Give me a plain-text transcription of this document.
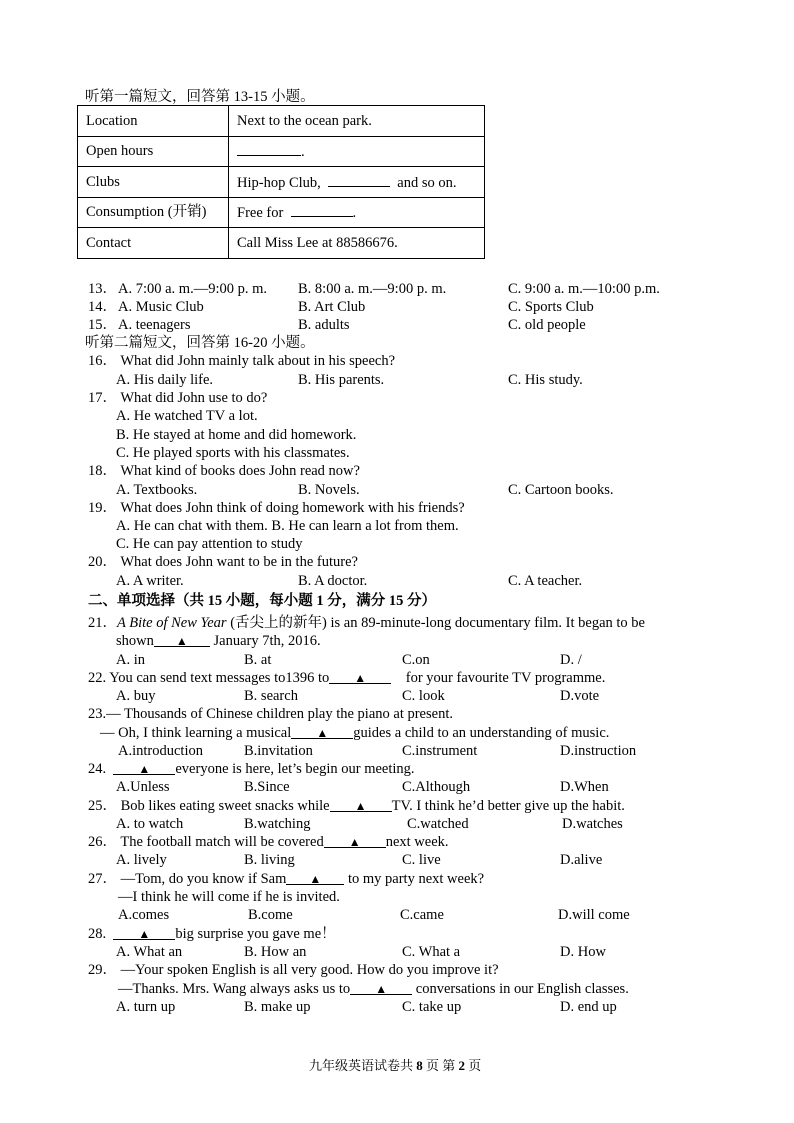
听第一篇短文，回答第 13-15 小题。
Location	Next to the ocean park.
Open hours	.
Clubs	Hip-hop Club, and so on.
Consumption (开销)	Free for .
Contact	Call Miss Lee at 88586676.
13． A. 7:00 a. m.—9:00 p. m. B. 8:00 a. m.—9:00 p. m.	C. 9:00 a. m.—10:00 p.m.
14． A. Music Club	B. Art Club	C. Sports Club
15． A. teenagers	B. adults	C. old people
听第二篇短文，回答第 16-20 小题。
16． What did John mainly talk about in his speech?
A. His daily life.	B. His parents.	C. His study.
17． What did John use to do?
A. He watched TV a lot.
B. He stayed at home and did homework.
C. He played sports with his classmates.
18． What kind of books does John read now?
A. Textbooks.	B. Novels.	C. Cartoon books.
19． What does John think of doing homework with his friends?
A. He can chat with them. B. He can learn a lot from them.
C. He can pay attention to study
20． What does John want to be in the future?
A. A writer.	B. A doctor.	C. A teacher.
二、单项选择（共 15 小题，每小题 1 分，满分 15 分）
21．A Bite of New Year (舌尖上的新年) is an 89-minute-long documentary film. It began to be
shown ▲ January 7th, 2016.
A. in	B. at	C.on	D. /
22. You can send text messages to1396 to ▲	for your favourite TV programme.
A. buy	B. search	C. look	D.vote
23.— Thousands of Chinese children play the piano at present.
— Oh, I think learning a musical ▲ guides a child to an understanding of music.
A.introduction	B.invitation	C.instrument	D.instruction
24.	▲ everyone is here, let’s begin our meeting.
A.Unless	B.Since	C.Although	D.When
25． Bob likes eating sweet snacks while ▲ TV. I think he’d better give up the habit.
A. to watch	B.watching	C.watched	D.watches
26． The football match will be covered ▲ next week.
A. lively	B. living	C. live	D.alive
27． —Tom, do you know if Sam ▲ to my party next week?
—I think he will come if he is invited.
A.comes	B.come	C.came	D.will come
28.	▲ big surprise you gave me！
A. What an	B. How an	C. What a	D. How
29． —Your spoken English is all very good. How do you improve it?
—Thanks. Mrs. Wang always asks us to ▲ conversations in our English classes.
A. turn up	B. make up	C. take up	D. end up
九年级英语试卷共 8 页 第 2 页
